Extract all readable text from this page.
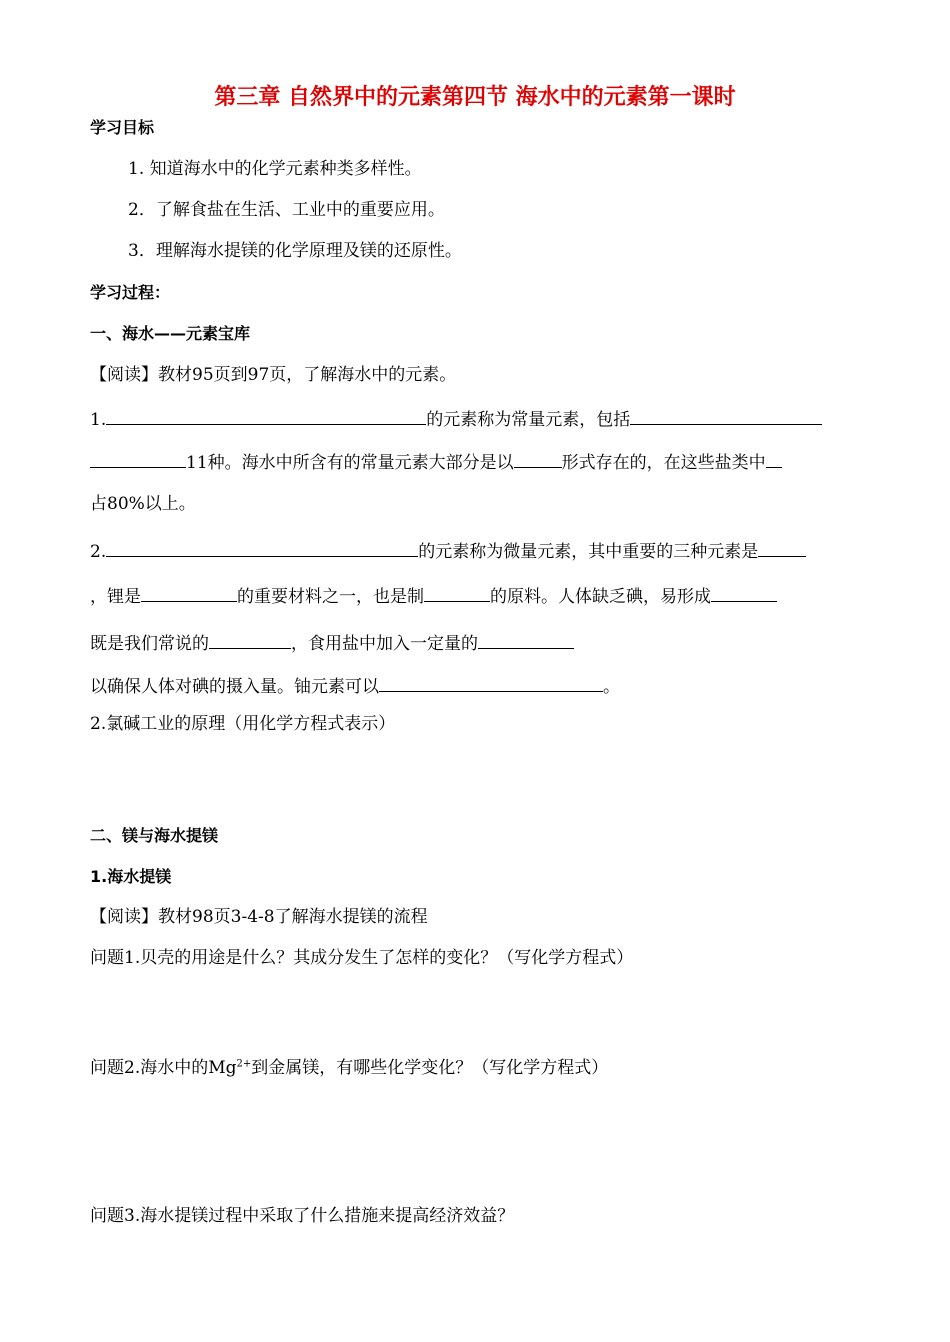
第三章 自然界中的元素第四节 海水中的元素第一课时
学习目标
1. 知道海水中的化学元素种类多样性。
2．了解食盐在生活、工业中的重要应用。
3．理解海水提镁的化学原理及镁的还原性。
学习过程：
一、海水——元素宝库
【阅读】教材95页到97页，了解海水中的元素。
1.	的元素称为常量元素，包括
11种。海水中所含有的常量元素大部分是以	形式存在的，在这些盐类中
占80%以上。
2.	的元素称为微量元素，其中重要的三种元素是
，锂是	的重要材料之一，也是制	的原料。人体缺乏碘，易形成
既是我们常说的	，食用盐中加入一定量的
以确保人体对碘的摄入量。铀元素可以	。
2.氯碱工业的原理（用化学方程式表示）
二、镁与海水提镁
1.海水提镁
【阅读】教材98页3-4-8了解海水提镁的流程
问题1.贝壳的用途是什么？其成分发生了怎样的变化？（写化学方程式）
问题2.海水中的$Mg^{2+}$到金属镁，有哪些化学变化？（写化学方程式）
问题3.海水提镁过程中采取了什么措施来提高经济效益？
